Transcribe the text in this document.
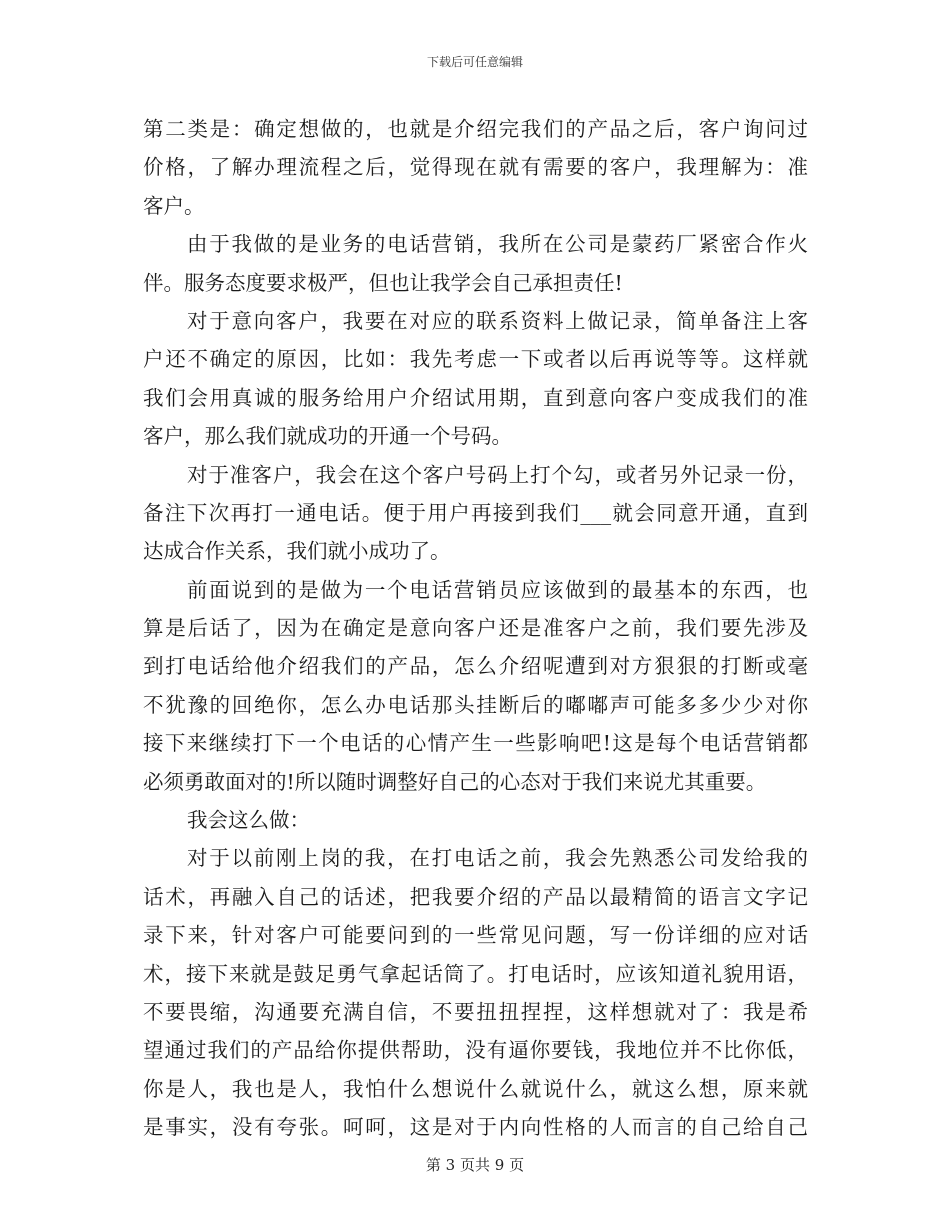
下载后可任意编辑
第二类是：确定想做的，也就是介绍完我们的产品之后，客户询问过
价格，了解办理流程之后，觉得现在就有需要的客户，我理解为：准
客户。
由于我做的是业务的电话营销，我所在公司是蒙药厂紧密合作火
伴。服务态度要求极严，但也让我学会自己承担责任!
对于意向客户，我要在对应的联系资料上做记录，简单备注上客
户还不确定的原因，比如：我先考虑一下或者以后再说等等。这样就
我们会用真诚的服务给用户介绍试用期，直到意向客户变成我们的准
客户，那么我们就成功的开通一个号码。
对于准客户，我会在这个客户号码上打个勾，或者另外记录一份，
备注下次再打一通电话。便于用户再接到我们___就会同意开通，直到
达成合作关系，我们就小成功了。
前面说到的是做为一个电话营销员应该做到的最基本的东西，也
算是后话了，因为在确定是意向客户还是准客户之前，我们要先涉及
到打电话给他介绍我们的产品，怎么介绍呢遭到对方狠狠的打断或毫
不犹豫的回绝你，怎么办电话那头挂断后的嘟嘟声可能多多少少对你
接下来继续打下一个电话的心情产生一些影响吧!这是每个电话营销都
必须勇敢面对的!所以随时调整好自己的心态对于我们来说尤其重要。
我会这么做：
对于以前刚上岗的我，在打电话之前，我会先熟悉公司发给我的
话术，再融入自己的话述，把我要介绍的产品以最精简的语言文字记
录下来，针对客户可能要问到的一些常见问题，写一份详细的应对话
术，接下来就是鼓足勇气拿起话筒了。打电话时，应该知道礼貌用语，
不要畏缩，沟通要充满自信，不要扭扭捏捏，这样想就对了：我是希
望通过我们的产品给你提供帮助，没有逼你要钱，我地位并不比你低，
你是人，我也是人，我怕什么想说什么就说什么，就这么想，原来就
是事实，没有夸张。呵呵，这是对于内向性格的人而言的自己给自己
第 3 页共 9 页
